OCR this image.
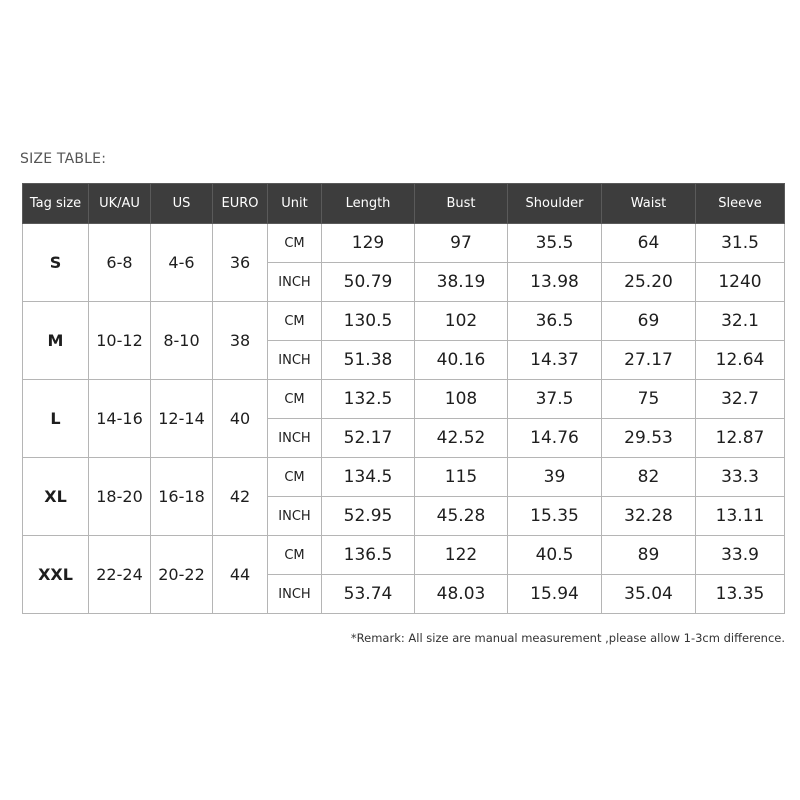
SIZE TABLE:
Tag size	UK/AU	US	EURO	Unit	Length	Bust	Shoulder	Waist	Sleeve
S	6-8	4-6	36	CM	129	97	35.5	64	31.5
				INCH	50.79	38.19	13.98	25.20	1240
M	10-12	8-10	38	CM	130.5	102	36.5	69	32.1
				INCH	51.38	40.16	14.37	27.17	12.64
L	14-16	12-14	40	CM	132.5	108	37.5	75	32.7
				INCH	52.17	42.52	14.76	29.53	12.87
XL	18-20	16-18	42	CM	134.5	115	39	82	33.3
				INCH	52.95	45.28	15.35	32.28	13.11
XXL	22-24	20-22	44	CM	136.5	122	40.5	89	33.9
				INCH	53.74	48.03	15.94	35.04	13.35
*Remark: All size are manual measurement ,please allow 1-3cm difference.
